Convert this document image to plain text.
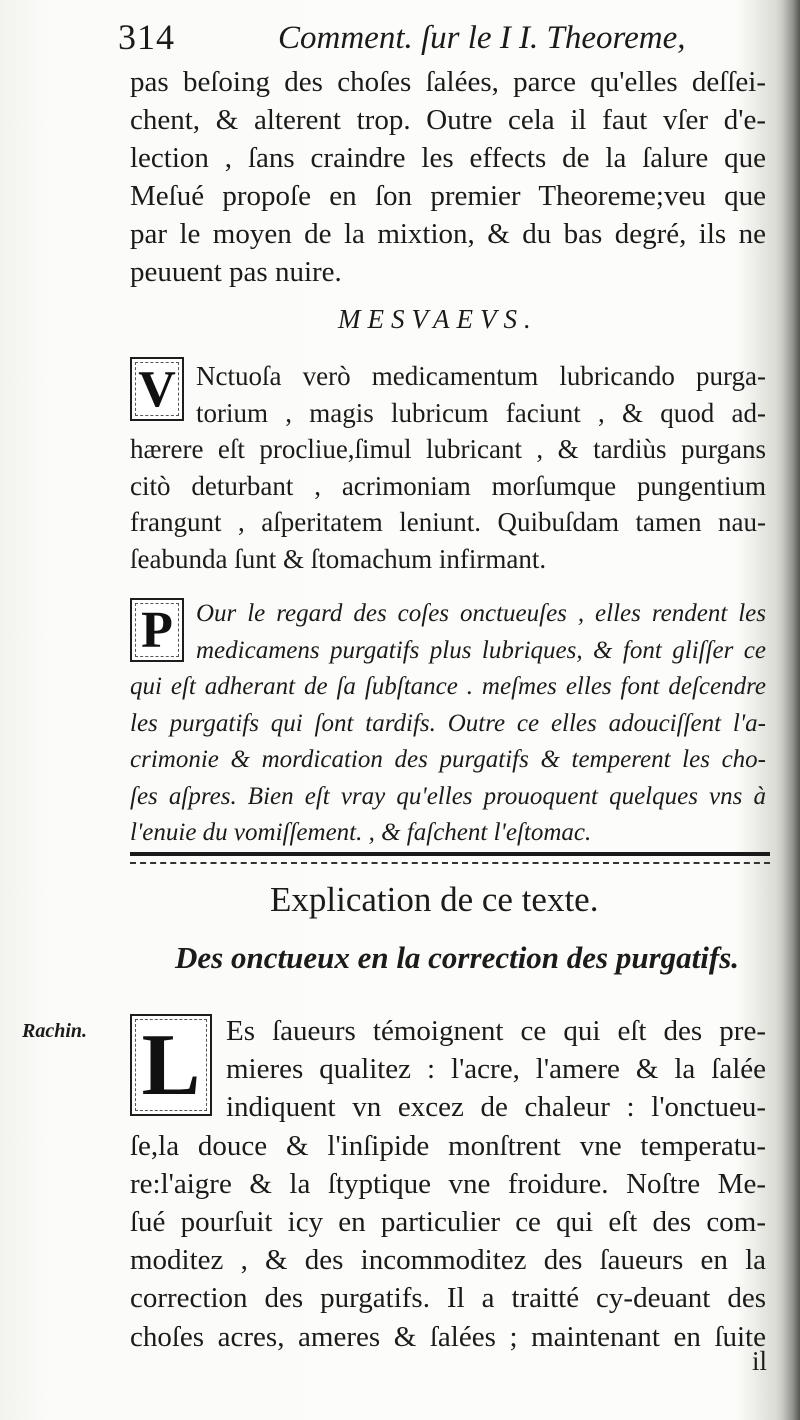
314	Comment. ſur le I I. Theoreme,
pas beſoing des choſes ſalées, parce qu'elles deſſei-
chent, & alterent trop. Outre cela il faut vſer d'e-
lection , ſans craindre les effects de la ſalure que
Meſué propoſe en ſon premier Theoreme;veu que
par le moyen de la mixtion, & du bas degré, ils ne
peuuent pas nuire.
MESVAEVS.
V Nctuoſa verò medicamentum lubricando purga-
torium , magis lubricum faciunt , & quod ad-
hærere eſt procliue,ſimul lubricant , & tardiùs purgans
citò deturbant , acrimoniam morſumque pungentium
frangunt , aſperitatem leniunt. Quibuſdam tamen nau-
ſeabunda ſunt & ſtomachum infirmant.
P Our le regard des coſes onctueuſes , elles rendent les
medicamens purgatifs plus lubriques, & font gliſſer ce
qui eſt adherant de ſa ſubſtance . meſmes elles font deſcendre
les purgatifs qui ſont tardifs. Outre ce elles adouciſſent l'a-
crimonie & mordication des purgatifs & temperent les cho-
ſes aſpres. Bien eſt vray qu'elles prouoquent quelques vns à
l'enuie du vomiſſement. , & faſchent l'eſtomac.
Explication de ce texte.
Des onctueux en la correction des purgatifs.
Rachin. L Es ſaueurs témoignent ce qui eſt des pre-
mieres qualitez : l'acre, l'amere & la ſalée
indiquent vn excez de chaleur : l'onctueu-
ſe,la douce & l'inſipide monſtrent vne temperatu-
re:l'aigre & la ſtyptique vne froidure. Noſtre Me-
ſué pourſuit icy en particulier ce qui eſt des com-
moditez , & des incommoditez des ſaueurs en la
correction des purgatifs. Il a traitté cy-deuant des
choſes acres, ameres & ſalées ; maintenant en ſuite
il
